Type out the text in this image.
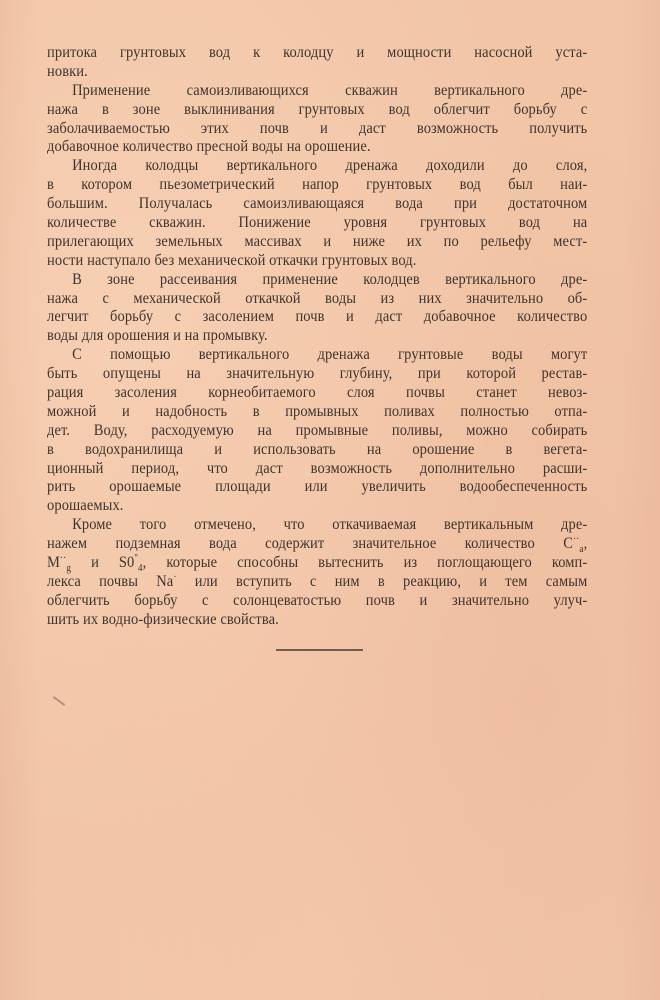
притока грунтовых вод к колодцу и мощности насосной уста-
новки.
Применение самоизливающихся скважин вертикального дре-
нажа в зоне выклинивания грунтовых вод облегчит борьбу с
заболачиваемостью этих почв и даст возможность получить
добавочное количество пресной воды на орошение.
Иногда колодцы вертикального дренажа доходили до слоя,
в котором пьезометрический напор грунтовых вод был наи-
большим. Получалась самоизливающаяся вода при достаточном
количестве скважин. Понижение уровня грунтовых вод на
прилегающих земельных массивах и ниже их по рельефу мест-
ности наступало без механической откачки грунтовых вод.
В зоне рассеивания применение колодцев вертикального дре-
нажа с механической откачкой воды из них значительно об-
легчит борьбу с засолением почв и даст добавочное количество
воды для орошения и на промывку.
С помощью вертикального дренажа грунтовые воды могут
быть опущены на значительную глубину, при которой рестав-
рация засоления корнеобитаемого слоя почвы станет невоз-
можной и надобность в промывных поливах полностью отпа-
дет. Воду, расходуемую на промывные поливы, можно собирать
в водохранилища и использовать на орошение в вегета-
ционный период, что даст возможность дополнительно расши-
рить орошаемые площади или увеличить водообеспеченность
орошаемых.
Кроме того отмечено, что откачиваемая вертикальным дре-
нажем подземная вода содержит значительное количество $C^{\cdot\cdot}_a$,
$M^{\cdot\cdot}_g$ и $S0''_4$, которые способны вытеснить из поглощающего комп-
лекса почвы Na· или вступить с ним в реакцию, и тем самым
облегчить борьбу с солонцеватостью почв и значительно улуч-
шить их водно-физические свойства.
